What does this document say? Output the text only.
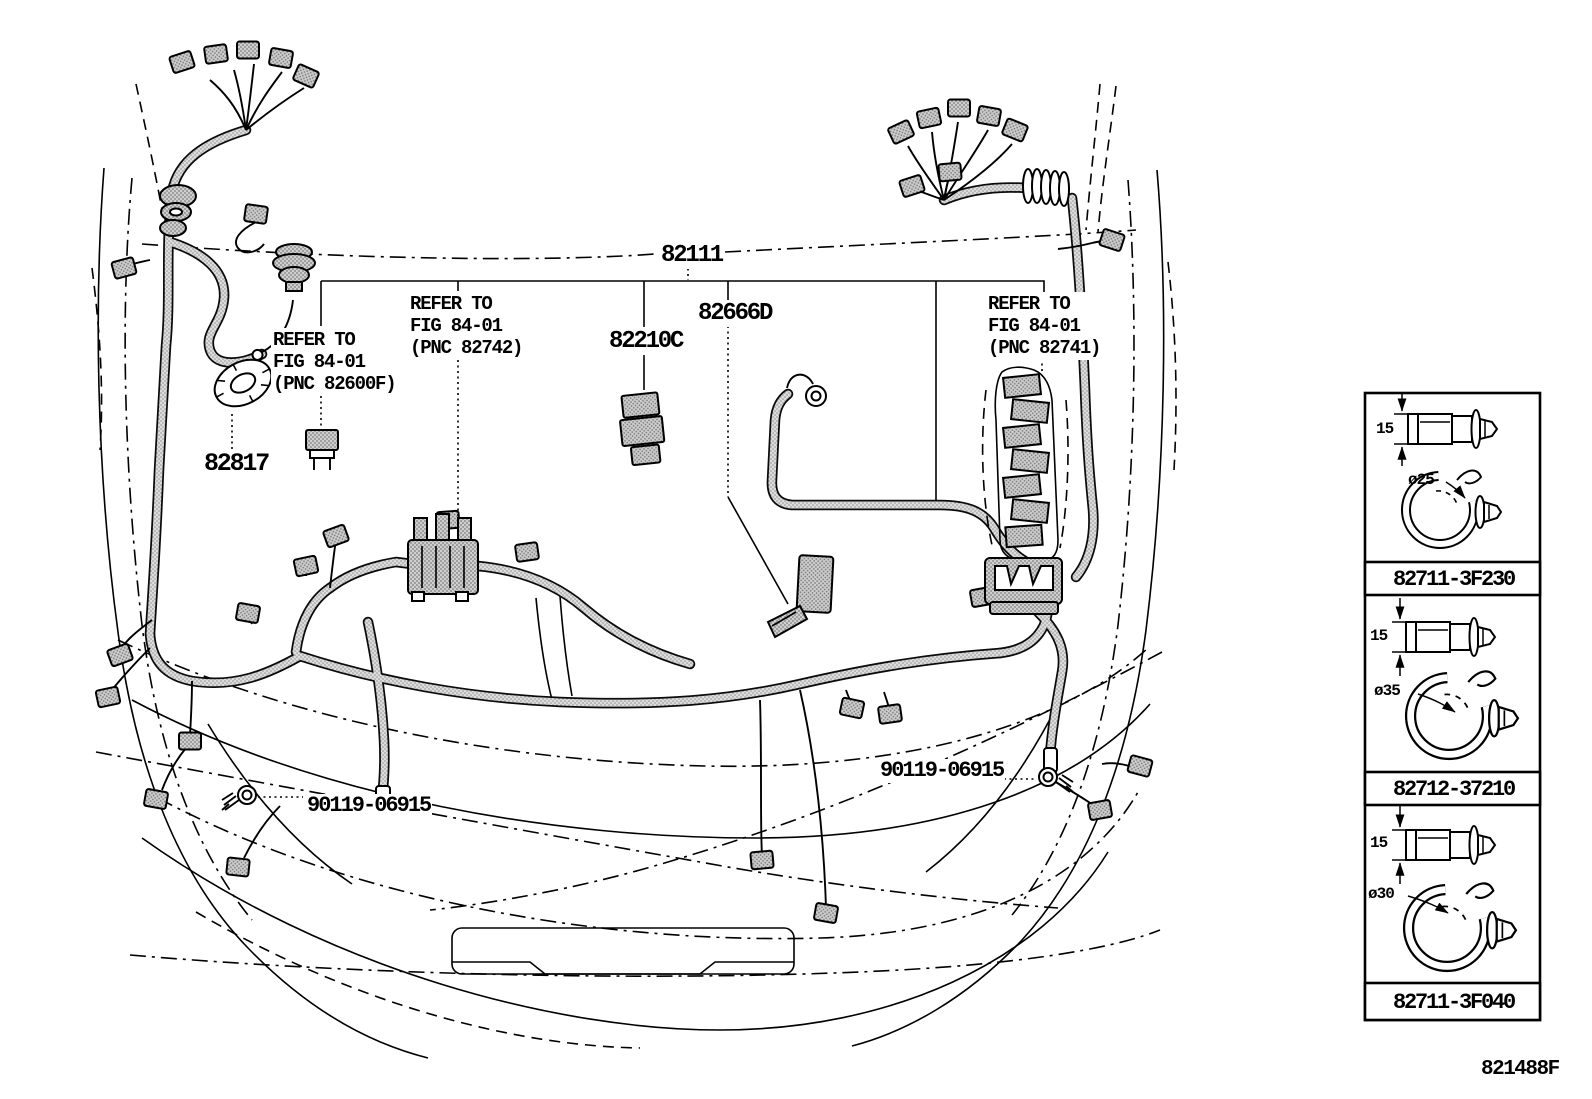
82111
82210C
82666D
82817
90119-06915
90119-06915
REFER TO
FIG 84-01
(PNC 82600F)
REFER TO
FIG 84-01
(PNC 82742)
REFER TO
FIG 84-01
(PNC 82741)
82711-3F230
82712-37210
82711-3F040
15
ø25
15
ø35
15
ø30
821488F
